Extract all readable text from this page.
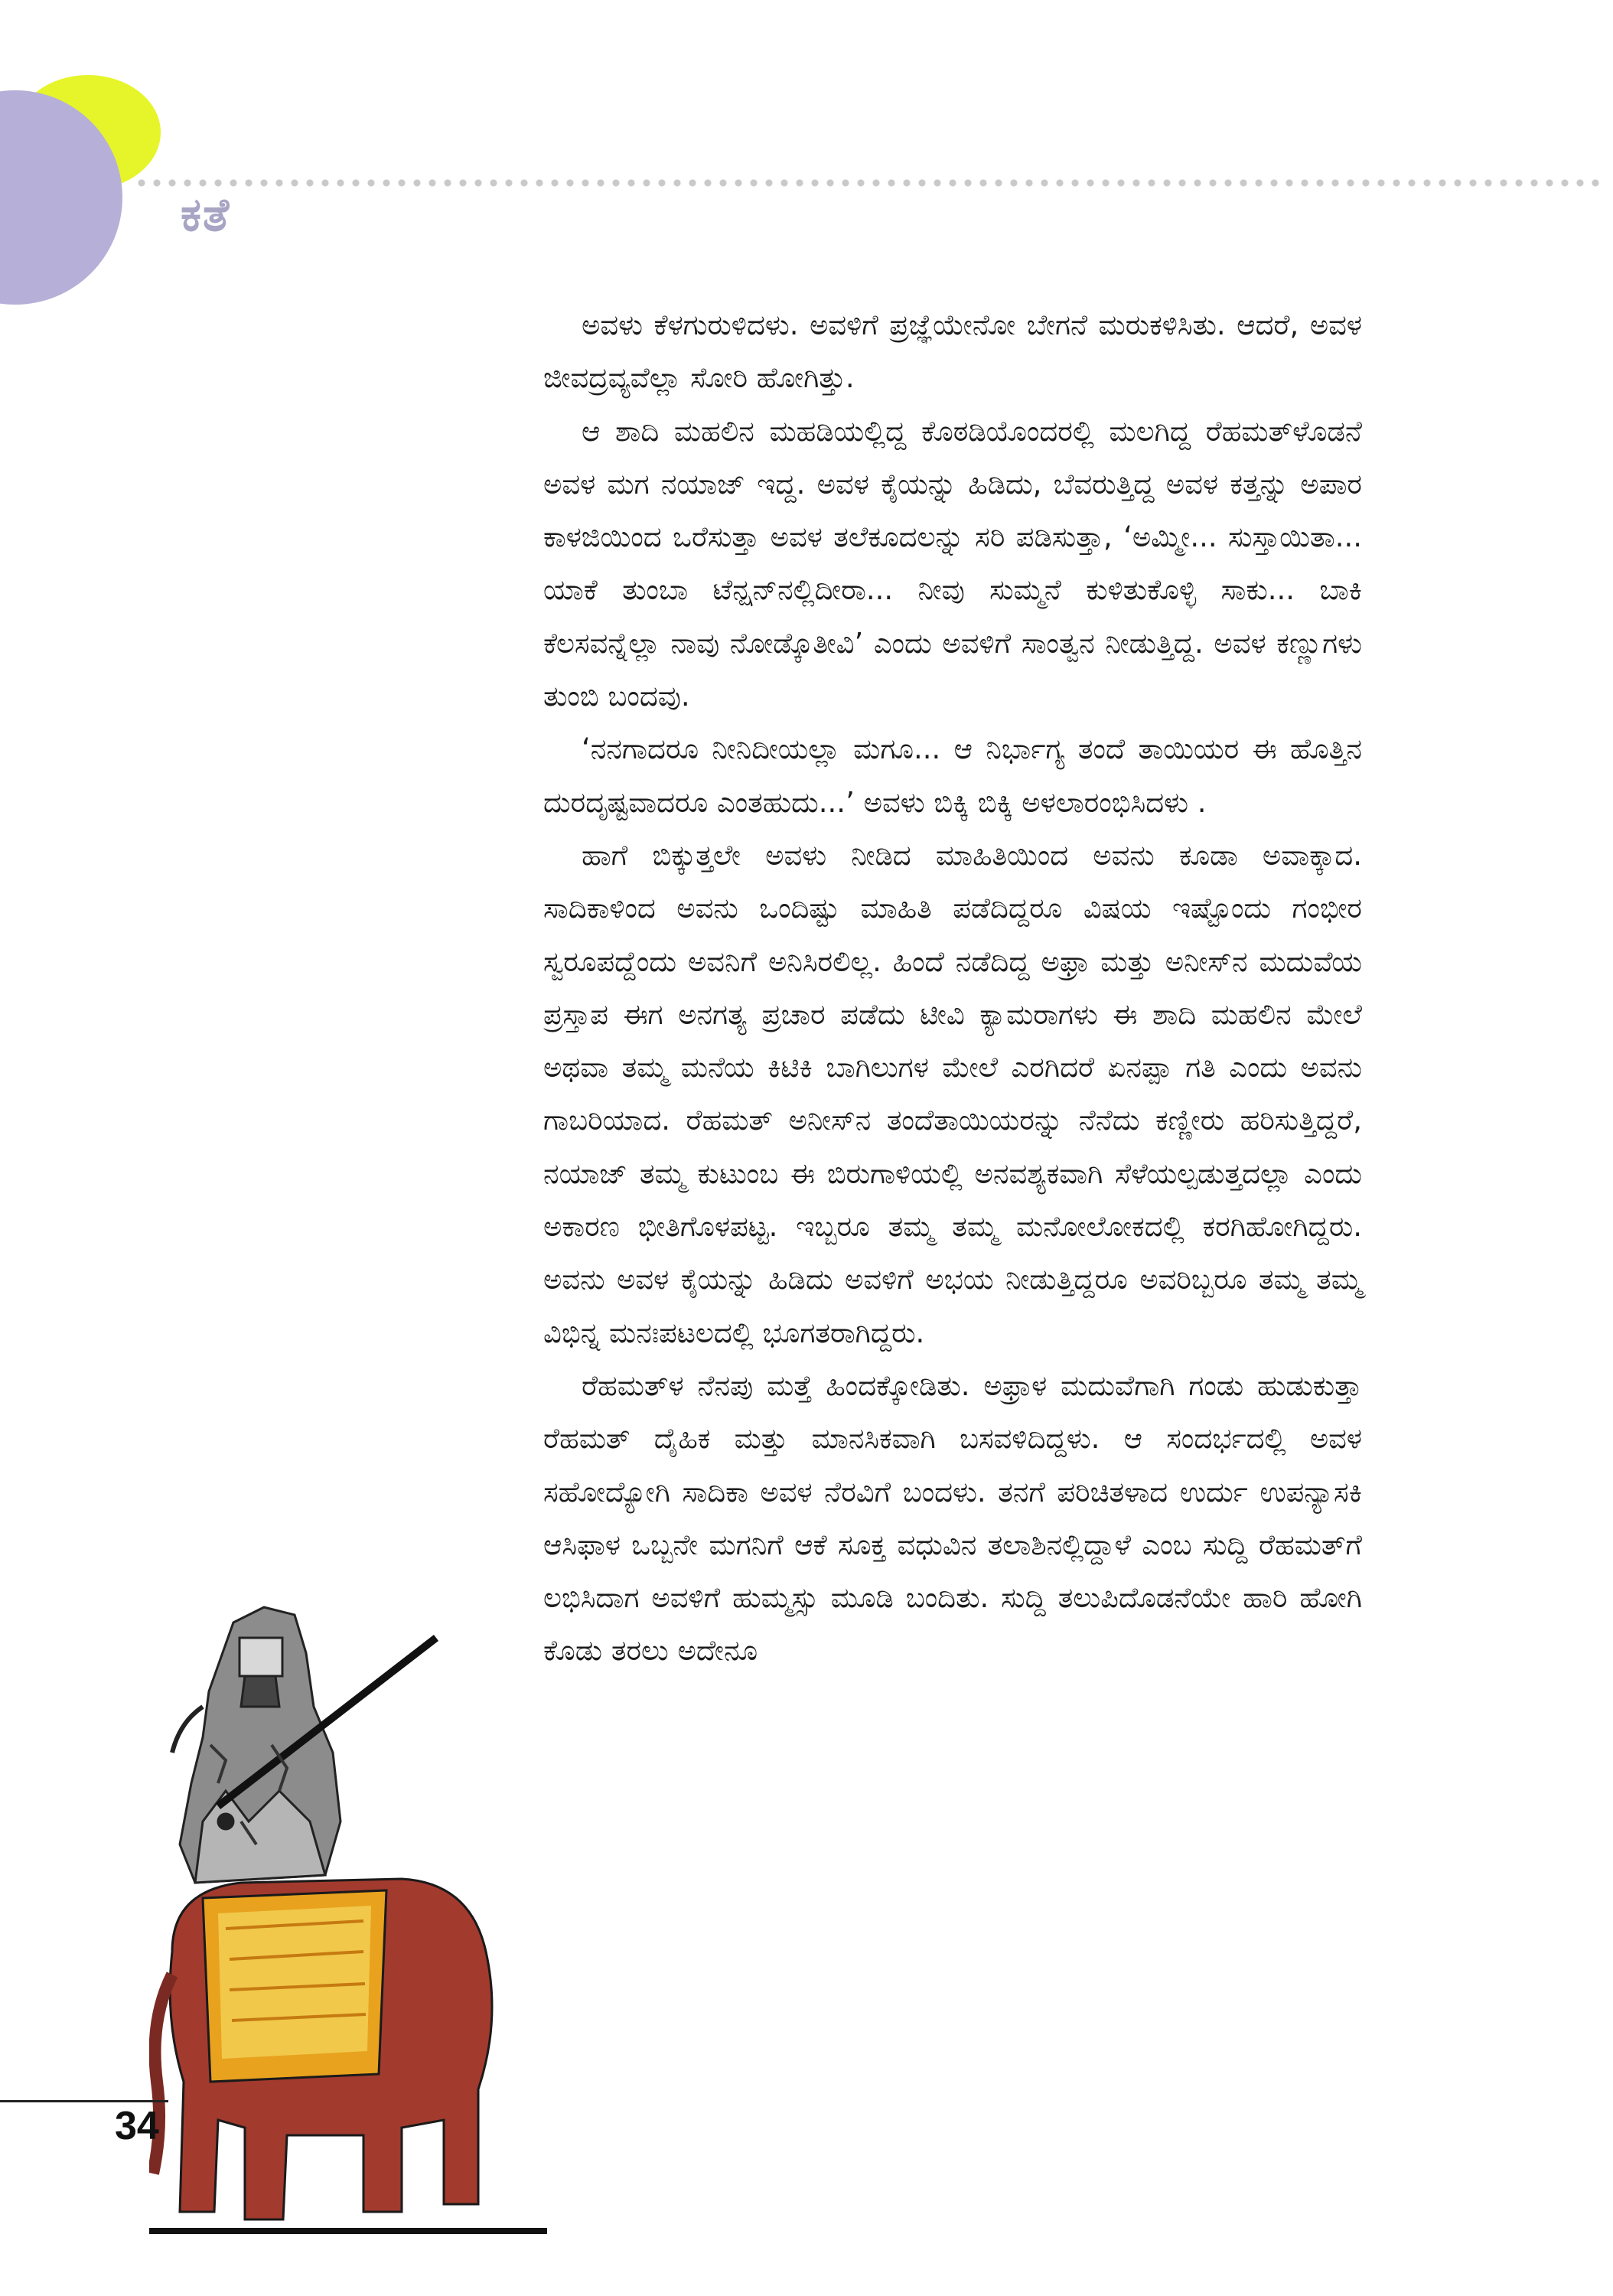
ಕತೆ

ಅವಳು ಕೆಳಗುರುಳಿದಳು. ಅವಳಿಗೆ ಪ್ರಜ್ಞೆಯೇನೋ ಬೇಗನೆ ಮರುಕಳಿಸಿತು. ಆದರೆ, ಅವಳ ಜೀವದ್ರವ್ಯವೆಲ್ಲಾ ಸೋರಿ ಹೋಗಿತ್ತು.

ಆ ಶಾದಿ ಮಹಲಿನ ಮಹಡಿಯಲ್ಲಿದ್ದ ಕೊಠಡಿಯೊಂದರಲ್ಲಿ ಮಲಗಿದ್ದ ರೆಹಮತ್‌ಳೊಡನೆ ಅವಳ ಮಗ ನಯಾಜ್ ಇದ್ದ. ಅವಳ ಕೈಯನ್ನು ಹಿಡಿದು, ಬೆವರುತ್ತಿದ್ದ ಅವಳ ಕತ್ತನ್ನು ಅಪಾರ ಕಾಳಜಿಯಿಂದ ಒರೆಸುತ್ತಾ ಅವಳ ತಲೆಕೂದಲನ್ನು ಸರಿ ಪಡಿಸುತ್ತಾ, ‘ಅಮ್ಮೀ... ಸುಸ್ತಾಯಿತಾ... ಯಾಕೆ ತುಂಬಾ ಟೆನ್ಷನ್‌ನಲ್ಲಿದೀರಾ... ನೀವು ಸುಮ್ಮನೆ ಕುಳಿತುಕೊಳ್ಳಿ ಸಾಕು... ಬಾಕಿ ಕೆಲಸವನ್ನೆಲ್ಲಾ ನಾವು ನೋಡ್ಕೊತೀವಿ’ ಎಂದು ಅವಳಿಗೆ ಸಾಂತ್ವನ ನೀಡುತ್ತಿದ್ದ. ಅವಳ ಕಣ್ಣುಗಳು ತುಂಬಿ ಬಂದವು.

‘ನನಗಾದರೂ ನೀನಿದೀಯಲ್ಲಾ ಮಗೂ... ಆ ನಿರ್ಭಾಗ್ಯ ತಂದೆ ತಾಯಿಯರ ಈ ಹೊತ್ತಿನ ದುರದೃಷ್ಟವಾದರೂ ಎಂತಹುದು...’ ಅವಳು ಬಿಕ್ಕಿ ಬಿಕ್ಕಿ ಅಳಲಾರಂಭಿಸಿದಳು .

ಹಾಗೆ ಬಿಕ್ಕುತ್ತಲೇ ಅವಳು ನೀಡಿದ ಮಾಹಿತಿಯಿಂದ ಅವನು ಕೂಡಾ ಅವಾಕ್ಕಾದ. ಸಾದಿಕಾಳಿಂದ ಅವನು ಒಂದಿಷ್ಟು ಮಾಹಿತಿ ಪಡೆದಿದ್ದರೂ ವಿಷಯ ಇಷ್ಟೊಂದು ಗಂಭೀರ ಸ್ವರೂಪದ್ದೆಂದು ಅವನಿಗೆ ಅನಿಸಿರಲಿಲ್ಲ. ಹಿಂದೆ ನಡೆದಿದ್ದ ಅಫ್ರಾ ಮತ್ತು ಅನೀಸ್‌ನ ಮದುವೆಯ ಪ್ರಸ್ತಾಪ ಈಗ ಅನಗತ್ಯ ಪ್ರಚಾರ ಪಡೆದು ಟೀವಿ ಕ್ಯಾಮರಾಗಳು ಈ ಶಾದಿ ಮಹಲಿನ ಮೇಲೆ ಅಥವಾ ತಮ್ಮ ಮನೆಯ ಕಿಟಿಕಿ ಬಾಗಿಲುಗಳ ಮೇಲೆ ಎರಗಿದರೆ ಏನಪ್ಪಾ ಗತಿ ಎಂದು ಅವನು ಗಾಬರಿಯಾದ. ರೆಹಮತ್ ಅನೀಸ್‌ನ ತಂದೆತಾಯಿಯರನ್ನು ನೆನೆದು ಕಣ್ಣೀರು ಹರಿಸುತ್ತಿದ್ದರೆ, ನಯಾಜ್ ತಮ್ಮ ಕುಟುಂಬ ಈ ಬಿರುಗಾಳಿಯಲ್ಲಿ ಅನವಶ್ಯಕವಾಗಿ ಸೆಳೆಯಲ್ಪಡುತ್ತದಲ್ಲಾ ಎಂದು ಅಕಾರಣ ಭೀತಿಗೊಳಪಟ್ಟ. ಇಬ್ಬರೂ ತಮ್ಮ ತಮ್ಮ ಮನೋಲೋಕದಲ್ಲಿ ಕರಗಿಹೋಗಿದ್ದರು. ಅವನು ಅವಳ ಕೈಯನ್ನು ಹಿಡಿದು ಅವಳಿಗೆ ಅಭಯ ನೀಡುತ್ತಿದ್ದರೂ ಅವರಿಬ್ಬರೂ ತಮ್ಮ ತಮ್ಮ ವಿಭಿನ್ನ ಮನಃಪಟಲದಲ್ಲಿ ಭೂಗತರಾಗಿದ್ದರು.

ರೆಹಮತ್‌ಳ ನೆನಪು ಮತ್ತೆ ಹಿಂದಕ್ಕೋಡಿತು. ಅಫ್ರಾಳ ಮದುವೆಗಾಗಿ ಗಂಡು ಹುಡುಕುತ್ತಾ ರೆಹಮತ್ ದೈಹಿಕ ಮತ್ತು ಮಾನಸಿಕವಾಗಿ ಬಸವಳಿದಿದ್ದಳು. ಆ ಸಂದರ್ಭದಲ್ಲಿ ಅವಳ ಸಹೋದ್ಯೋಗಿ ಸಾದಿಕಾ ಅವಳ ನೆರವಿಗೆ ಬಂದಳು. ತನಗೆ ಪರಿಚಿತಳಾದ ಉರ್ದು ಉಪನ್ಯಾಸಕಿ ಆಸಿಫಾಳ ಒಬ್ಬನೇ ಮಗನಿಗೆ ಆಕೆ ಸೂಕ್ತ ವಧುವಿನ ತಲಾಶಿನಲ್ಲಿದ್ದಾಳೆ ಎಂಬ ಸುದ್ದಿ ರೆಹಮತ್‌ಗೆ ಲಭಿಸಿದಾಗ ಅವಳಿಗೆ ಹುಮ್ಮಸ್ಸು ಮೂಡಿ ಬಂದಿತು. ಸುದ್ದಿ ತಲುಪಿದೊಡನೆಯೇ ಹಾರಿ ಹೋಗಿ ಕೊಡು ತರಲು ಅದೇನೂ

34
